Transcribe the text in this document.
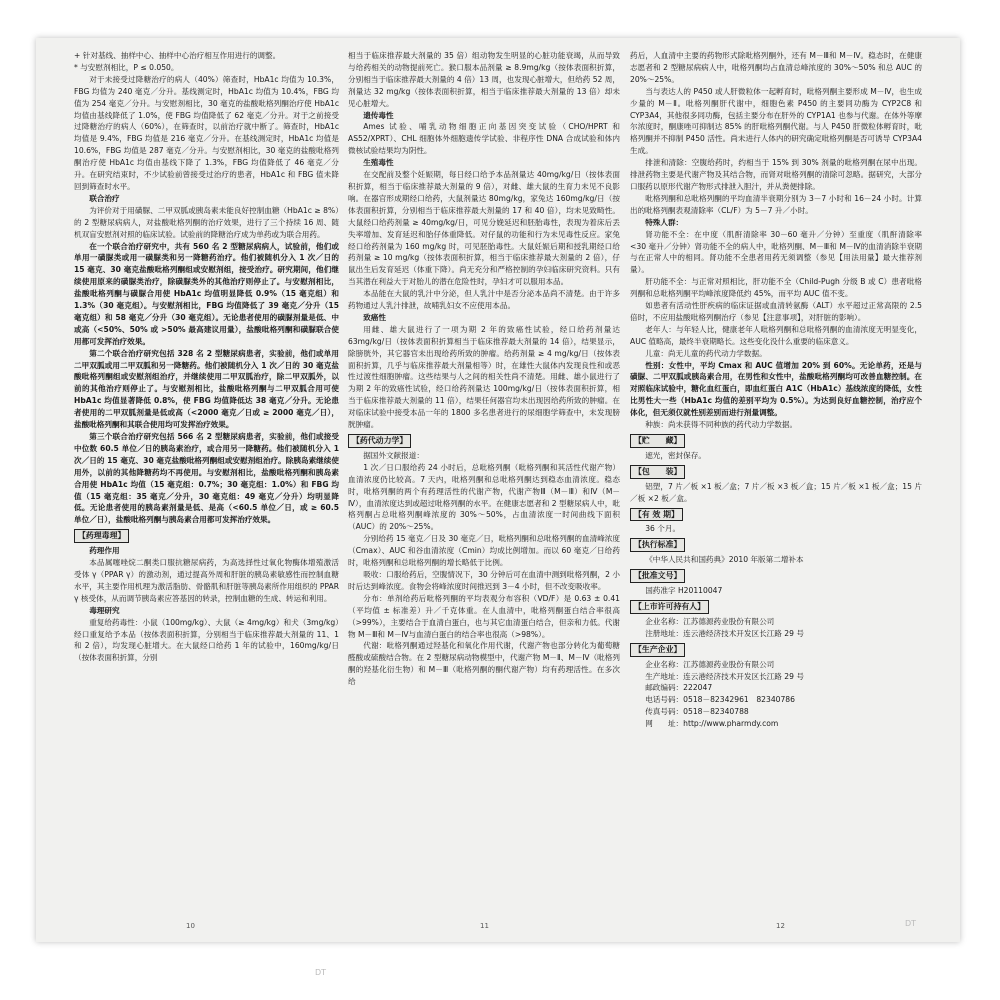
+ 针对基线、抽样中心、抽样中心治疗相互作用进行的调整。

* 与安慰剂相比，P ≤ 0.050。

对于未接受过降糖治疗的病人（40%）筛查时，HbA1c 均值为 10.3%，FBG 均值为 240 毫克／分升。基线测定时，HbA1c 均值为 10.4%，FBG 均值为 254 毫克／分升。与安慰剂相比，30 毫克的盐酸吡格列酮治疗使 HbA1c 均值由基线降低了 1.0%，使 FBG 均值降低了 62 毫克／分升。对于之前接受过降糖治疗的病人（60%），在筛查时，以前治疗就中断了。筛查时，HbA1c 均值是 9.4%，FBG 均值是 216 毫克／分升。在基线测定时，HbA1c 均值是 10.6%，FBG 均值是 287 毫克／分升。与安慰剂相比，30 毫克的盐酸吡格列酮治疗使 HbA1c 均值由基线下降了 1.3%，FBG 均值降低了 46 毫克／分升。在研究结束时，不少试验前曾接受过治疗的患者，HbA1c 和 FBG 值未降回到筛查时水平。

联合治疗

为评价对于用磺脲、二甲双胍或胰岛素未能良好控制血糖（HbA1c ≥ 8%）的 2 型糖尿病病人，对盐酸吡格列酮的治疗效果，进行了三个持续 16 周、随机双盲安慰剂对照的临床试验。试验前的降糖治疗成为单药或为联合用药。

在一个联合治疗研究中，共有 560 名 2 型糖尿病病人，试验前，他们或单用一磺脲类或用一磺脲类和另一降糖药治疗。他们被随机分入 1 次／日的 15 毫克、30 毫克盐酸吡格列酮组或安慰剂组，接受治疗。研究期间，他们继续使用原来的磺脲类治疗，除磺脲类外的其他治疗则停止了。与安慰剂相比，盐酸吡格列酮与磺脲合用使 HbA1c 均值明显降低 0.9%（15 毫克组）和 1.3%（30 毫克组）。与安慰剂相比，FBG 均值降低了 39 毫克／分升（15 毫克组）和 58 毫克／分升（30 毫克组）。无论患者使用的磺脲剂量是低、中或高（<50%、50% 或 >50% 最高建议用量），盐酸吡格列酮和磺脲联合使用都可发挥治疗效果。

第二个联合治疗研究包括 328 名 2 型糖尿病患者，实验前，他们或单用二甲双胍或用二甲双胍和另一降糖药。他们被随机分入 1 次／日的 30 毫克盐酸吡格列酮组或安慰剂组治疗，并继续使用二甲双胍治疗，除二甲双胍外，以前的其他治疗则停止了。与安慰剂相比，盐酸吡格列酮与二甲双胍合用可使 HbA1c 均值显著降低 0.8%，使 FBG 均值降低达 38 毫克／分升。无论患者使用的二甲双胍剂量是低或高（<2000 毫克／日或 ≥ 2000 毫克／日），盐酸吡格列酮和其联合使用均可发挥治疗效果。

第三个联合治疗研究包括 566 名 2 型糖尿病患者，实验前，他们或接受中位数 60.5 单位／日的胰岛素治疗，或合用另一降糖药。他们被随机分入 1 次／日的 15 毫克、30 毫克盐酸吡格列酮组或安慰剂组治疗。除胰岛素继续使用外，以前的其他降糖药均不再使用。与安慰剂相比，盐酸吡格列酮和胰岛素合用使 HbA1c 均值（15 毫克组：0.7%；30 毫克组：1.0%）和 FBG 均值（15 毫克组：35 毫克／分升，30 毫克组：49 毫克／分升）均明显降低。无论患者使用的胰岛素剂量是低、是高（<60.5 单位／日，或 ≥ 60.5 单位／日），盐酸吡格列酮与胰岛素合用都可发挥治疗效果。

【药理毒理】

药理作用

本品属噻唑烷二酮类口服抗糖尿病药，为高选择性过氧化物酶体增殖激活受体 γ（PPAR γ）的激动剂，通过提高外周和肝脏的胰岛素敏感性而控制血糖水平，其主要作用机理为激活脂肪、骨骼肌和肝脏等胰岛素所作用组织的 PPAR γ 核受体，从而调节胰岛素应答基因的转录，控制血糖的生成、转运和利用。

毒理研究

重复给药毒性：小鼠（100mg/kg）、大鼠（≥ 4mg/kg）和犬（3mg/kg）经口重复给予本品（按体表面积折算，分别相当于临床推荐最大剂量的 11、1 和 2 倍），均发现心脏增大。在大鼠经口给药 1 年的试验中，160mg/kg/日（按体表面积折算，分别

相当于临床推荐最大剂量的 35 倍）组动物发生明显的心脏功能衰竭，从而导致与给药相关的动物提前死亡。猴口服本品剂量 ≥ 8.9mg/kg（按体表面积折算，分别相当于临床推荐最大剂量的 4 倍）13 周，也发现心脏增大，但给药 52 周，剂量达 32 mg/kg（按体表面积折算，相当于临床推荐最大剂量的 13 倍）却未见心脏增大。

遗传毒性

Ames 试验、哺乳动物细胞正向基因突变试验（CHO/HPRT 和 AS52/XPRT）、CHL 细胞体外细胞遗传学试验、非程序性 DNA 合成试验和体内微核试验结果均为阴性。

生殖毒性

在交配前及整个妊娠期，每日经口给予本品剂量达 40mg/kg/日（按体表面积折算，相当于临床推荐最大剂量的 9 倍），对雌、雄大鼠的生育力未见不良影响。在器官形成期经口给药，大鼠剂量达 80mg/kg，家兔达 160mg/kg/日（按体表面积折算，分别相当于临床推荐最大剂量的 17 和 40 倍），均未见致畸性。大鼠经口给药剂量 ≥ 40mg/kg/日，可见分娩延迟和胚胎毒性，表现为着床后丢失率增加、发育延迟和胎仔体重降低。对仔鼠的功能和行为未见毒性反应。家兔经口给药剂量为 160 mg/kg 时，可见胚胎毒性。大鼠妊娠后期和授乳期经口给药剂量 ≥ 10 mg/kg（按体表面积折算，相当于临床推荐最大剂量的 2 倍），仔鼠出生后发育延迟（体重下降）。尚无充分和严格控制的孕妇临床研究资料。只有当其潜在利益大于对胎儿的潜在危险性时，孕妇才可以服用本品。

本品能在大鼠的乳汁中分泌，但人乳汁中是否分泌本品尚不清楚。由于许多药物通过人乳汁排泄，故哺乳妇女不应使用本品。

致癌性

用雌、雄大鼠进行了一项为期 2 年的致癌性试验，经口给药剂量达 63mg/kg/日（按体表面积折算相当于临床推荐最大剂量的 14 倍），结果显示，除膀胱外，其它器官未出现给药所致的肿瘤。给药剂量 ≥ 4 mg/kg/日（按体表面积折算，几乎与临床推荐最大剂量相等）时，在雄性大鼠体内发现良性和或恶性过渡性细胞肿瘤。这些结果与人之间的相关性尚不清楚。用雌、雄小鼠进行了为期 2 年的致癌性试验，经口给药剂量达 100mg/kg/日（按体表面积折算，相当于临床推荐最大剂量的 11 倍），结果任何器官均未出现因给药所致的肿瘤。在对临床试验中接受本品一年的 1800 多名患者进行的尿细胞学筛查中，未发现膀胱肿瘤。

【药代动力学】

据国外文献报道：

1 次／日口服给药 24 小时后，总吡格列酮（吡格列酮和其活性代谢产物）血清浓度仍比较高。7 天内，吡格列酮和总吡格列酮达到稳态血清浓度。稳态时，吡格列酮的两个有药理活性的代谢产物，代谢产物Ⅲ（M－Ⅲ）和Ⅳ（M－Ⅳ），血清浓度达到或超过吡格列酮的水平。在健康志愿者和 2 型糖尿病人中，吡格列酮占总吡格列酮峰浓度的 30%～50%，占血清浓度一时间曲线下面积（AUC）的 20%～25%。

分别给药 15 毫克／日及 30 毫克／日，吡格列酮和总吡格列酮的血清峰浓度（Cmax）、AUC 和谷血清浓度（Cmin）均成比例增加。而以 60 毫克／日给药时，吡格列酮和总吡格列酮的增长略低于比例。

吸收：口服给药后，空腹情况下，30 分钟后可在血清中测到吡格列酮，2 小时后达到峰浓度。食物会将峰浓度时间推迟到 3－4 小时，但不改变吸收率。

分布：单剂给药后吡格列酮的平均表观分布容积（VD/F）是 0.63 ± 0.41（平均值 ± 标准差）升／千克体重。在人血清中，吡格列酮蛋白结合率很高（>99%），主要结合于血清白蛋白，也与其它血清蛋白结合，但亲和力低。代谢物 M－Ⅲ和 M－Ⅳ与血清白蛋白的结合率也很高（>98%）。

代谢：吡格列酮通过羟基化和氧化作用代谢，代谢产物也部分转化为葡萄糖醛酸或硫酸结合物。在 2 型糖尿病动物模型中，代谢产物 M－Ⅱ、M－Ⅳ（吡格列酮的羟基化衍生物）和 M－Ⅲ（吡格列酮的酮代谢产物）均有药理活性。在多次给

药后，人血清中主要的药物形式除吡格列酮外，还有 M－Ⅲ和 M－Ⅳ。稳态时，在健康志愿者和 2 型糖尿病病人中，吡格列酮均占血清总峰浓度的 30%～50% 和总 AUC 的 20%～25%。

当与表达人的 P450 或人肝微粒体一起孵育时，吡格列酮主要形成 M－Ⅳ，也生成少量的 M－Ⅱ。吡格列酮肝代谢中，细胞色素 P450 的主要同功酶为 CYP2C8 和 CYP3A4，其他很多同功酶，包括主要分布在肝外的 CYP1A1 也参与代谢。在体外等摩尔浓度时，酮康唑可抑制达 85% 的肝吡格列酮代谢。与人 P450 肝微粒体孵育时，吡格列酮并不抑制 P450 活性。尚未进行人体内的研究确定吡格列酮是否可诱导 CYP3A4 生成。

排泄和清除：空腹给药时，约相当于 15% 到 30% 剂量的吡格列酮在尿中出现。排泄药物主要是代谢产物及其结合物，而肾对吡格列酮的清除可忽略。据研究，大部分口服药以原形代谢产物形式排泄入胆汁，并从粪便排除。

吡格列酮和总吡格列酮的平均血清半衰期分别为 3－7 小时和 16－24 小时。计算出的吡格列酮表观清除率（CL/F）为 5－7 升／小时。

特殊人群：

肾功能不全：在中度（肌酐清除率 30－60 毫升／分钟）至重度（肌酐清除率 <30 毫升／分钟）肾功能不全的病人中，吡格列酮、M－Ⅲ和 M－Ⅳ的血清消除半衰期与在正常人中的相同。肾功能不全患者用药无须调整（参见【用法用量】最大推荐剂量）。

肝功能不全：与正常对照相比，肝功能不全（Child-Pugh 分级 B 或 C）患者吡格列酮和总吡格列酮平均峰浓度降低约 45%，而平均 AUC 值不变。

如患者有活动性肝疾病的临床证据或血清转氨酶（ALT）水平超过正常高限的 2.5 倍时，不应用盐酸吡格列酮治疗（参见【注意事项】，对肝脏的影响）。

老年人：与年轻人比，健康老年人吡格列酮和总吡格列酮的血清浓度无明显变化，AUC 值略高，最终半衰期略长。这些变化没什么重要的临床意义。

儿童：尚无儿童的药代动力学数据。

性别：女性中，平均 Cmax 和 AUC 值增加 20% 到 60%。无论单药，还是与磺脲、二甲双胍或胰岛素合用，在男性和女性中，盐酸吡格列酮均可改善血糖控制。在对照临床试验中，糖化血红蛋白，即血红蛋白 A1C（HbA1c）基线浓度的降低，女性比男性大一些（HbA1c 均值的差别平均为 0.5%）。为达到良好血糖控制，治疗应个体化，但无须仅就性别差别而进行剂量调整。

种族：尚未获得不同种族的药代动力学数据。

【贮　　藏】

遮光，密封保存。

【包　　装】

铝塑，7 片／板 ×1 板／盒；7 片／板 ×3 板／盒；15 片／板 ×1 板／盒；15 片／板 ×2 板／盒。

【有 效 期】

36 个月。

【执行标准】

《中华人民共和国药典》2010 年版第二增补本

【批准文号】

国药准字 H20110047

【上市许可持有人】

企业名称：江苏德源药业股份有限公司

注册地址：连云港经济技术开发区长江路 29 号

【生产企业】

企业名称：江苏德源药业股份有限公司

生产地址：连云港经济技术开发区长江路 29 号

邮政编码：222047

电话号码：0518－82342961　82340786

传真号码：0518－82340788

网　　址：http://www.pharmdy.com

10	11	12	DT
DT
